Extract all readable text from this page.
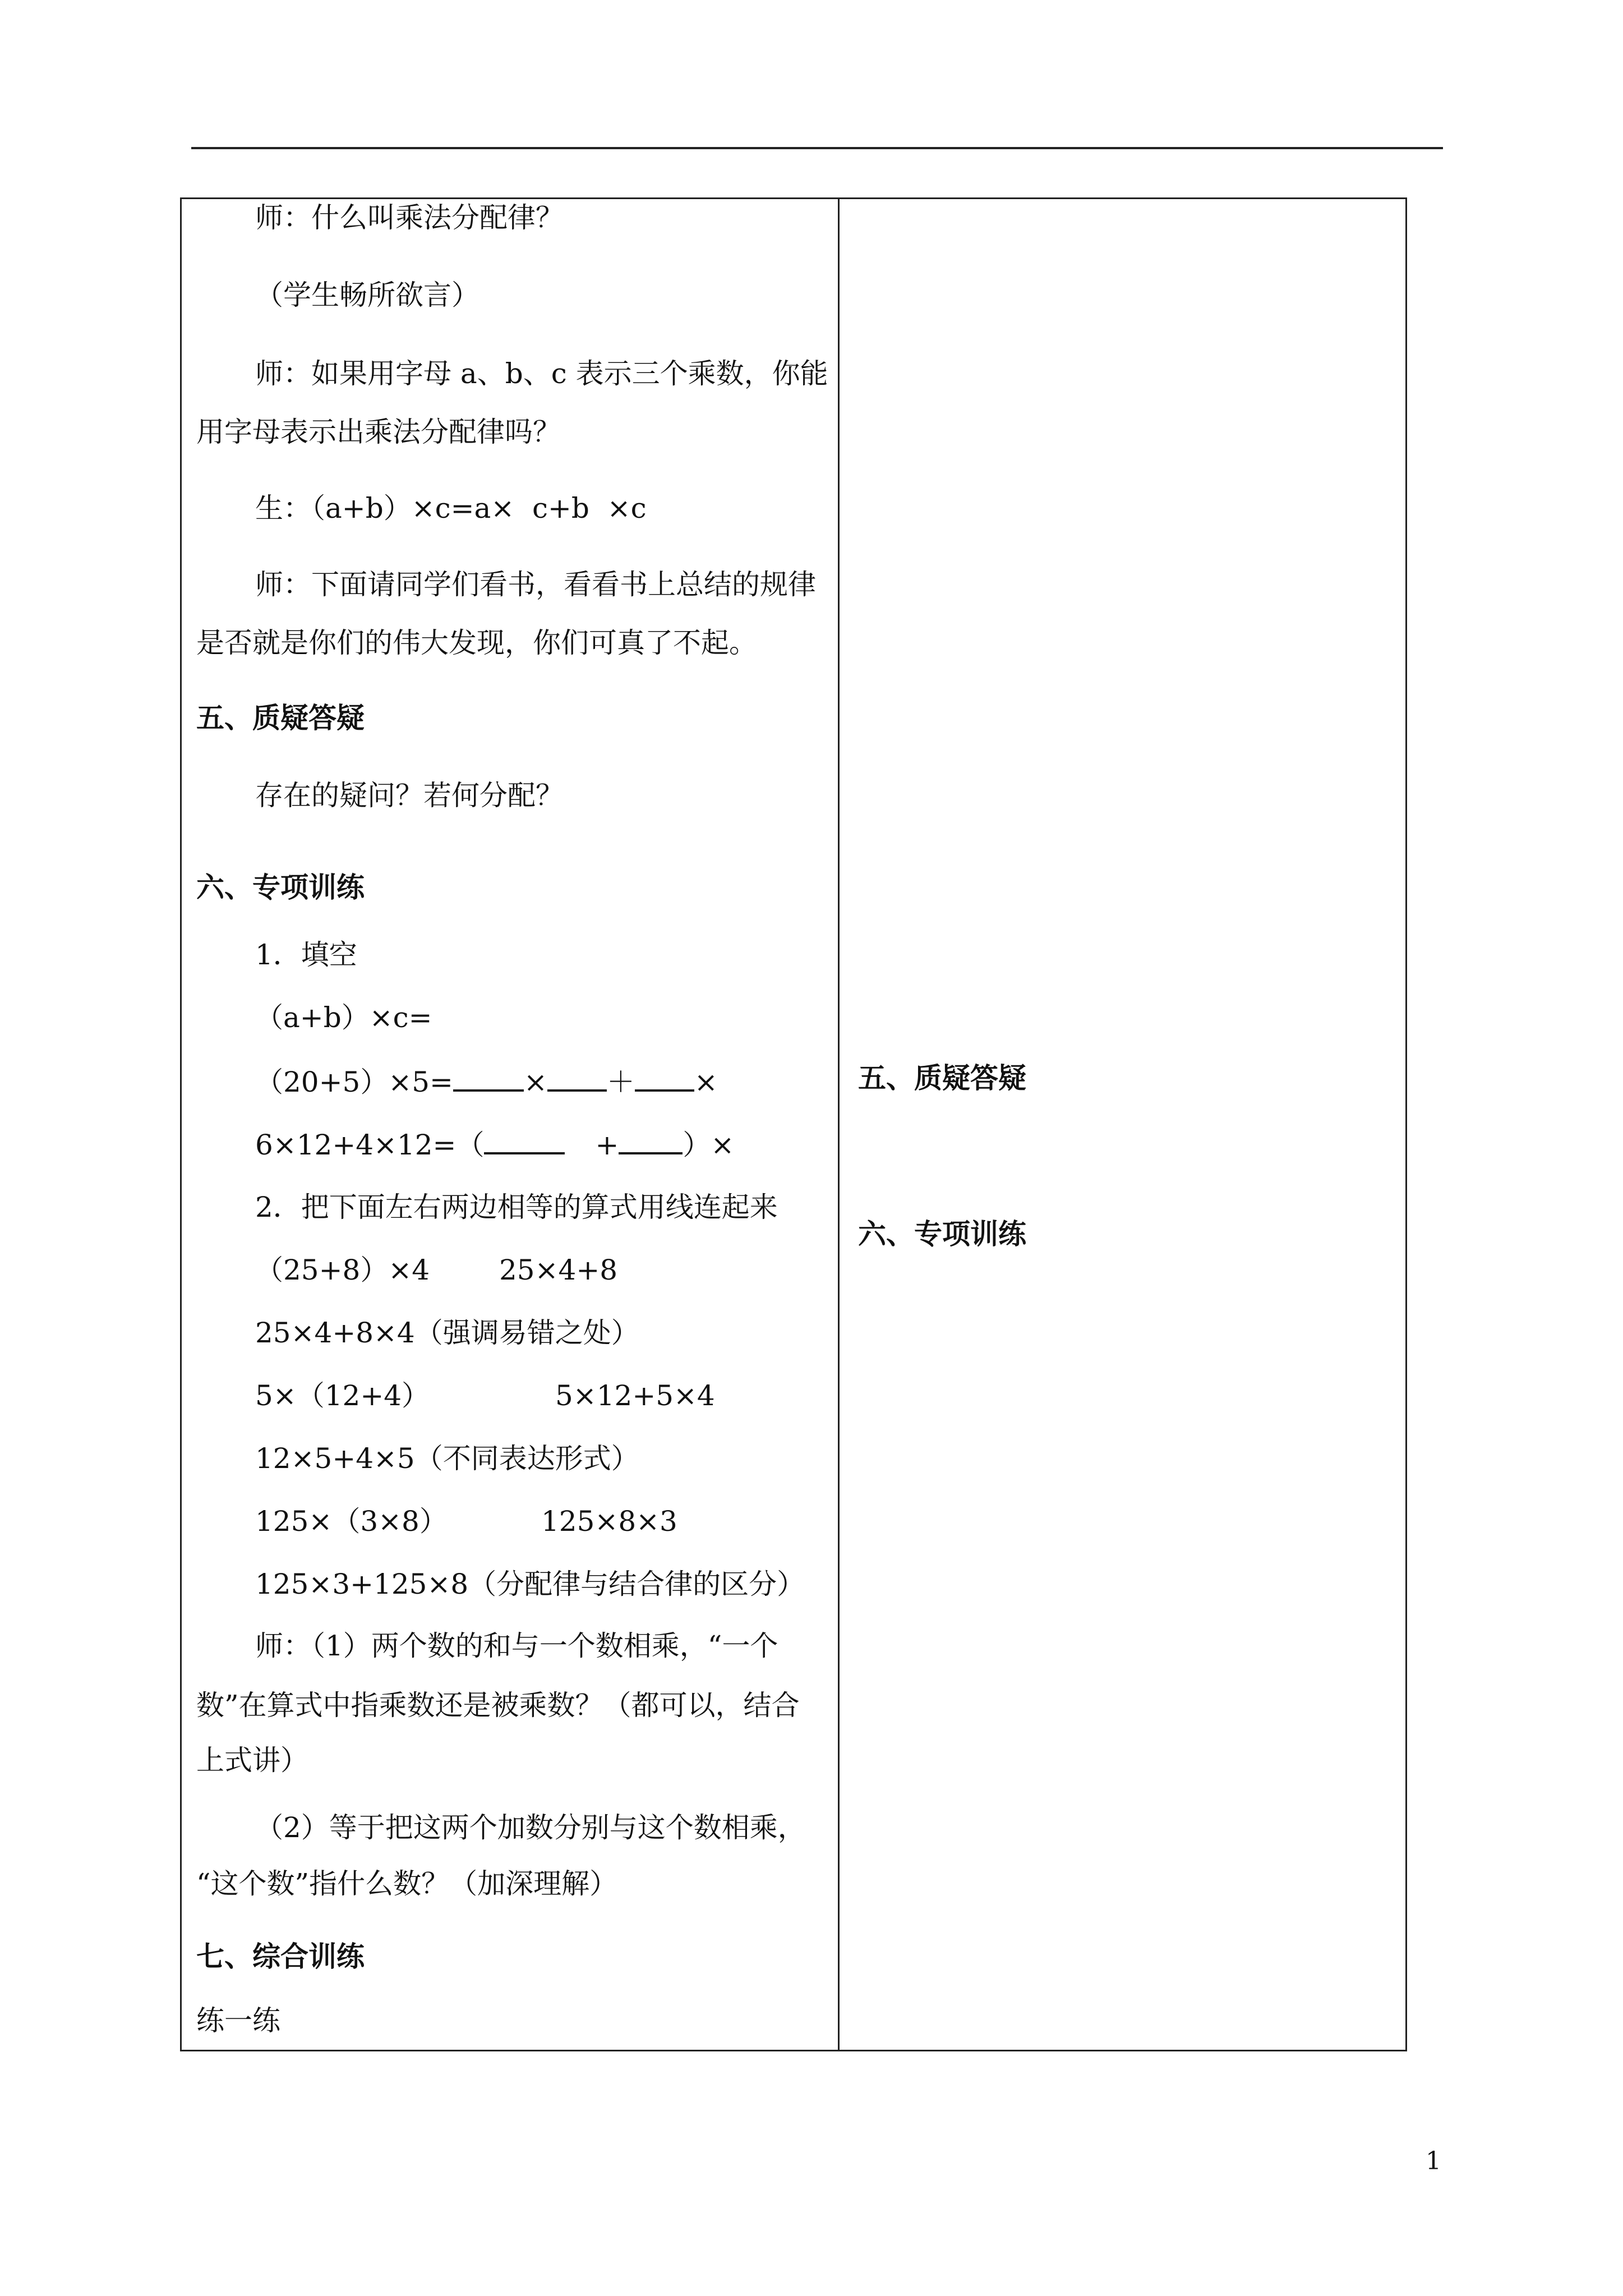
师：什么叫乘法分配律？
（学生畅所欲言）
师：如果用字母 a、b、c 表示三个乘数，你能
用字母表示出乘法分配律吗？
生：（a+b）×c=a×  c+b  ×c
师：下面请同学们看书，看看书上总结的规律
是否就是你们的伟大发现，你们可真了不起。
五、质疑答疑
存在的疑问？若何分配？
六、专项训练
1．填空
（a+b）×c=
（20+5）×5=	× ＋ ×
6×12+4×12=（	+ ）×
2．把下面左右两边相等的算式用线连起来
（25+8）×4 25×4+8
25×4+8×4（强调易错之处）
5×（12+4）	5×12+5×4
12×5+4×5（不同表达形式）
125×（3×8）	125×8×3
125×3+125×8（分配律与结合律的区分）
师：（1）两个数的和与一个数相乘，“一个
数”在算式中指乘数还是被乘数？（都可以，结合
上式讲）
（2）等于把这两个加数分别与这个数相乘，
“这个数”指什么数？（加深理解）
七、综合训练
练一练
五、质疑答疑
六、专项训练
1
